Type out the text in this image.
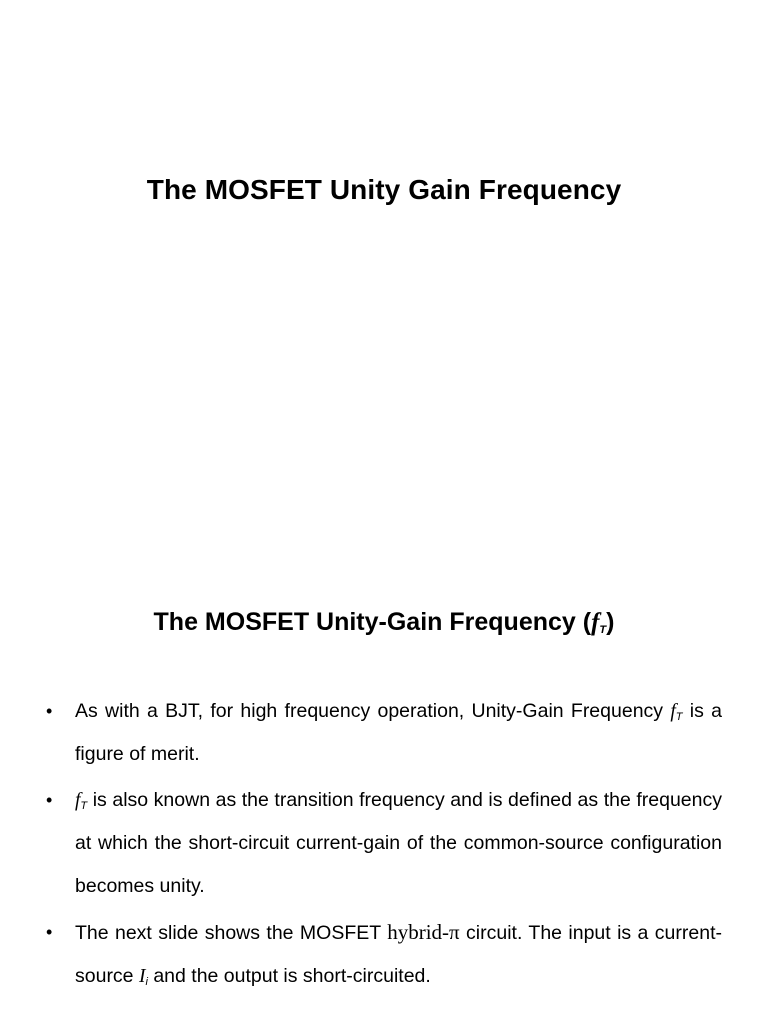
The MOSFET Unity Gain Frequency
The MOSFET Unity-Gain Frequency $(f_T)$
• As with a BJT, for high frequency operation, Unity-Gain Frequency $f_T$ is a figure of merit.
• $f_T$ is also known as the transition frequency and is defined as the frequency at which the short-circuit current-gain of the common-source configuration becomes unity.
• The next slide shows the MOSFET hybrid-π circuit. The input is a current-source $I_i$ and the output is short-circuited.
